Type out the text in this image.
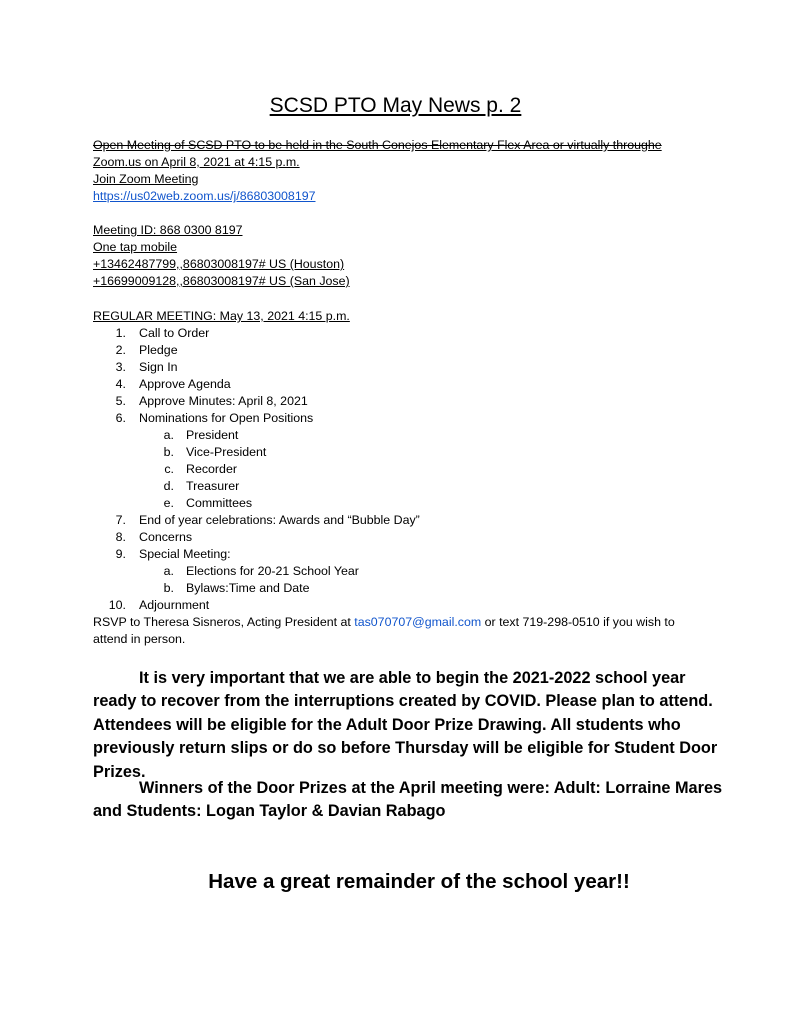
SCSD PTO May News p. 2
Open Meeting of SCSD PTO to be held in the South Conejos Elementary Flex Area or virtually throughe
Zoom.us on April 8, 2021 at 4:15 p.m.
Join Zoom Meeting
https://us02web.zoom.us/j/86803008197
Meeting ID: 868 0300 8197
One tap mobile
+13462487799,,86803008197# US (Houston)
+16699009128,,86803008197# US (San Jose)
REGULAR MEETING: May 13, 2021 4:15 p.m.
1. Call to Order
2. Pledge
3. Sign In
4. Approve Agenda
5. Approve Minutes: April 8, 2021
6. Nominations for Open Positions
a. President
b. Vice-President
c. Recorder
d. Treasurer
e. Committees
7. End of year celebrations: Awards and “Bubble Day”
8. Concerns
9. Special Meeting:
a. Elections for 20-21 School Year
b. Bylaws:Time and Date
10. Adjournment
RSVP to Theresa Sisneros, Acting President at tas070707@gmail.com or text 719-298-0510 if you wish to attend in person.
It is very important that we are able to begin the 2021-2022 school year ready to recover from the interruptions created by COVID. Please plan to attend. Attendees will be eligible for the Adult Door Prize Drawing. All students who previously return slips or do so before Thursday will be eligible for Student Door Prizes.
Winners of the Door Prizes at the April meeting were: Adult: Lorraine Mares and Students: Logan Taylor & Davian Rabago
Have a great remainder of the school year!!
